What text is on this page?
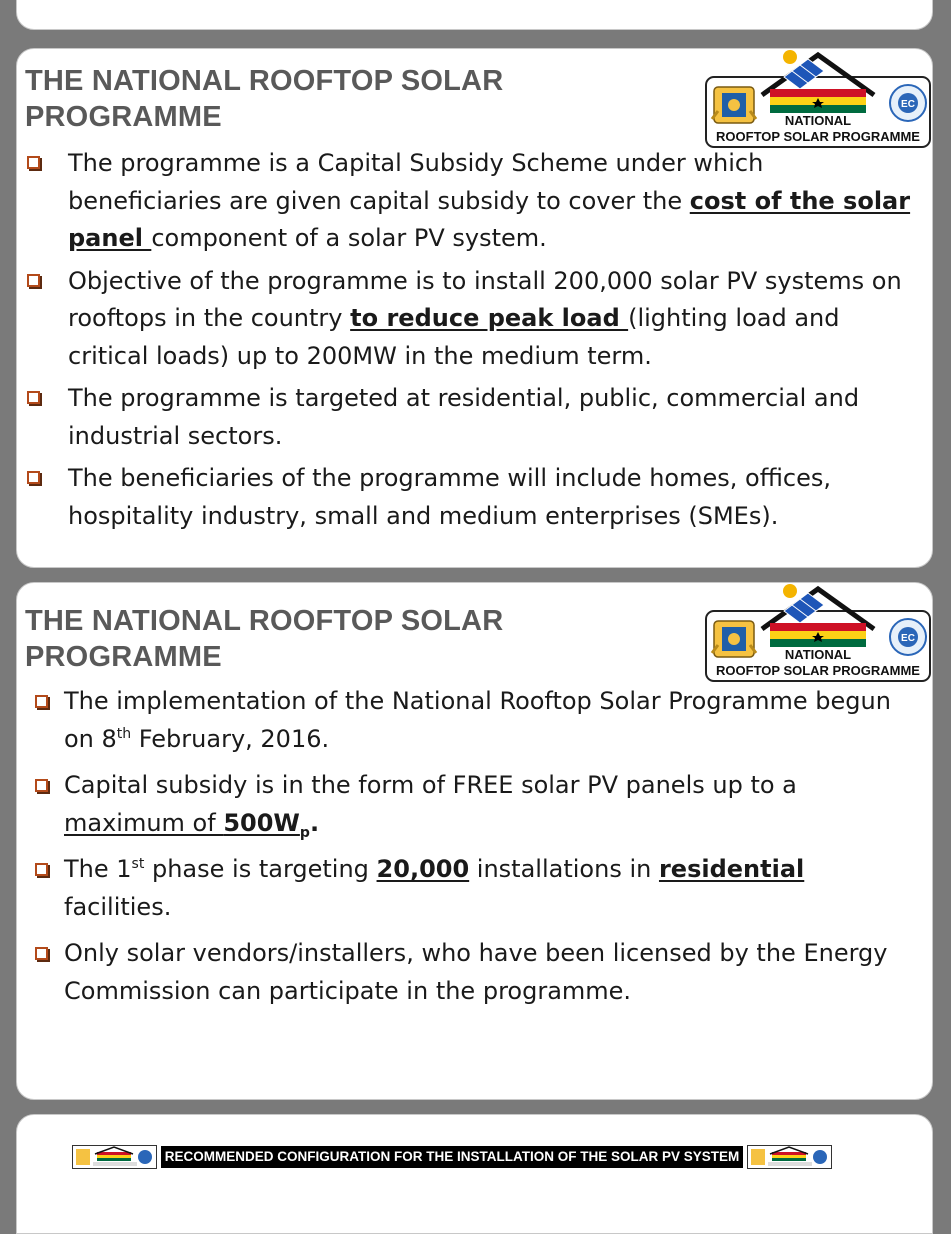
THE NATIONAL ROOFTOP SOLAR
PROGRAMME	EC
NATIONAL
ROOFTOP SOLAR PROGRAMME
The programme is a Capital Subsidy Scheme under which beneficiaries are given capital subsidy to cover the cost of the solar panel component of a solar PV system.
Objective of the programme is to install 200,000 solar PV systems on rooftops in the country to reduce peak load (lighting load and critical loads) up to 200MW in the medium term.
The programme is targeted at residential, public, commercial and industrial sectors.
The beneficiaries of the programme will include homes, offices, hospitality industry, small and medium enterprises (SMEs).
THE NATIONAL ROOFTOP SOLAR
PROGRAMME
EC
NATIONAL
ROOFTOP SOLAR PROGRAMME
The implementation of the National Rooftop Solar Programme begun on 8th February, 2016.
Capital subsidy is in the form of FREE solar PV panels up to a maximum of $500W_p$.
The 1st phase is targeting 20,000 installations in residential facilities.
Only solar vendors/installers, who have been licensed by the Energy Commission can participate in the programme.
RECOMMENDED CONFIGURATION FOR THE INSTALLATION OF THE SOLAR PV SYSTEM
